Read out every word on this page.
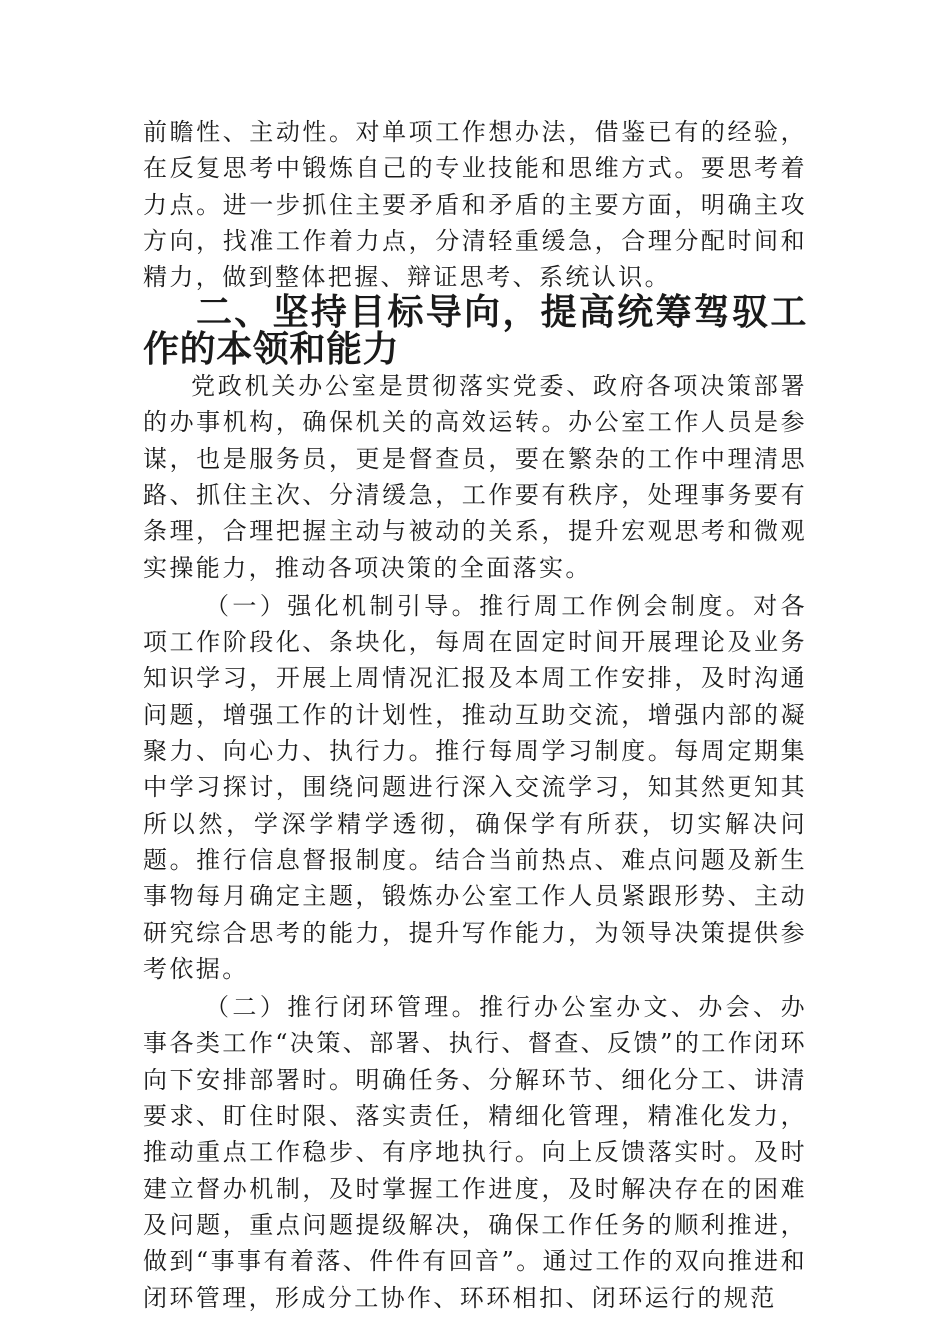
前瞻性、主动性。对单项工作想办法，借鉴已有的经验，在反复思考中锻炼自己的专业技能和思维方式。要思考着力点。进一步抓住主要矛盾和矛盾的主要方面，明确主攻方向，找准工作着力点，分清轻重缓急，合理分配时间和精力，做到整体把握、辩证思考、系统认识。

二、坚持目标导向，提高统筹驾驭工作的本领和能力

党政机关办公室是贯彻落实党委、政府各项决策部署的办事机构，确保机关的高效运转。办公室工作人员是参谋，也是服务员，更是督查员，要在繁杂的工作中理清思路、抓住主次、分清缓急，工作要有秩序，处理事务要有条理，合理把握主动与被动的关系，提升宏观思考和微观实操能力，推动各项决策的全面落实。

（一）强化机制引导。推行周工作例会制度。对各项工作阶段化、条块化，每周在固定时间开展理论及业务知识学习，开展上周情况汇报及本周工作安排，及时沟通问题，增强工作的计划性，推动互助交流，增强内部的凝聚力、向心力、执行力。推行每周学习制度。每周定期集中学习探讨，围绕问题进行深入交流学习，知其然更知其所以然，学深学精学透彻，确保学有所获，切实解决问题。推行信息督报制度。结合当前热点、难点问题及新生事物每月确定主题，锻炼办公室工作人员紧跟形势、主动研究综合思考的能力，提升写作能力，为领导决策提供参考依据。

（二）推行闭环管理。推行办公室办文、办会、办事各类工作“决策、部署、执行、督查、反馈”的工作闭环向下安排部署时。明确任务、分解环节、细化分工、讲清要求、盯住时限、落实责任，精细化管理，精准化发力，推动重点工作稳步、有序地执行。向上反馈落实时。及时建立督办机制，及时掌握工作进度，及时解决存在的困难及问题，重点问题提级解决，确保工作任务的顺利推进，做到“事事有着落、件件有回音”。通过工作的双向推进和闭环管理，形成分工协作、环环相扣、闭环运行的规范
